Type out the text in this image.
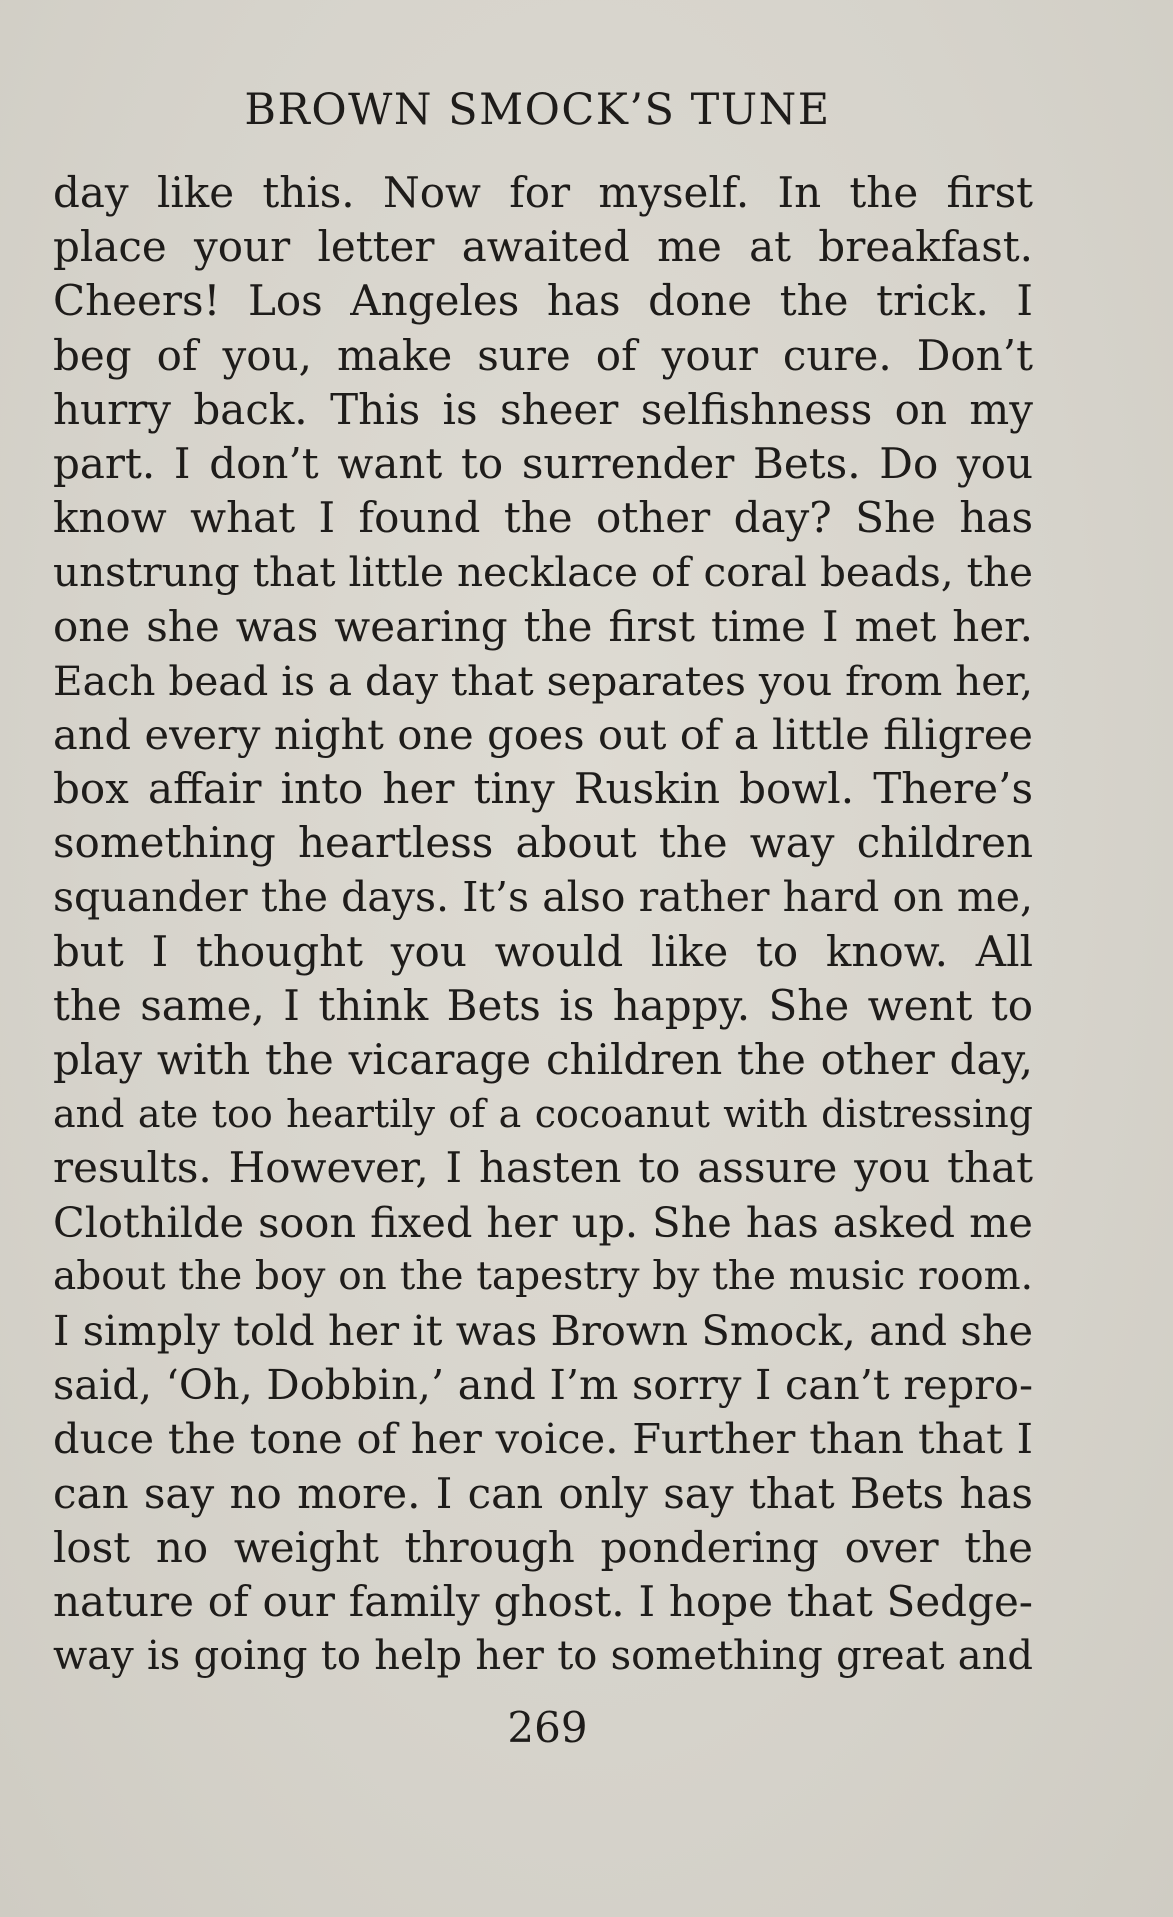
BROWN SMOCK’S TUNE
day like this. Now for myself. In the first
place your letter awaited me at breakfast.
Cheers! Los Angeles has done the trick. I
beg of you, make sure of your cure. Don’t
hurry back. This is sheer selfishness on my
part. I don’t want to surrender Bets. Do you
know what I found the other day? She has
unstrung that little necklace of coral beads, the
one she was wearing the first time I met her.
Each bead is a day that separates you from her,
and every night one goes out of a little filigree
box affair into her tiny Ruskin bowl. There’s
something heartless about the way children
squander the days. It’s also rather hard on me,
but I thought you would like to know. All
the same, I think Bets is happy. She went to
play with the vicarage children the other day,
and ate too heartily of a cocoanut with distressing
results. However, I hasten to assure you that
Clothilde soon fixed her up. She has asked me
about the boy on the tapestry by the music room.
I simply told her it was Brown Smock, and she
said, ‘Oh, Dobbin,’ and I’m sorry I can’t repro-
duce the tone of her voice. Further than that I
can say no more. I can only say that Bets has
lost no weight through pondering over the
nature of our family ghost. I hope that Sedge-
way is going to help her to something great and
269
